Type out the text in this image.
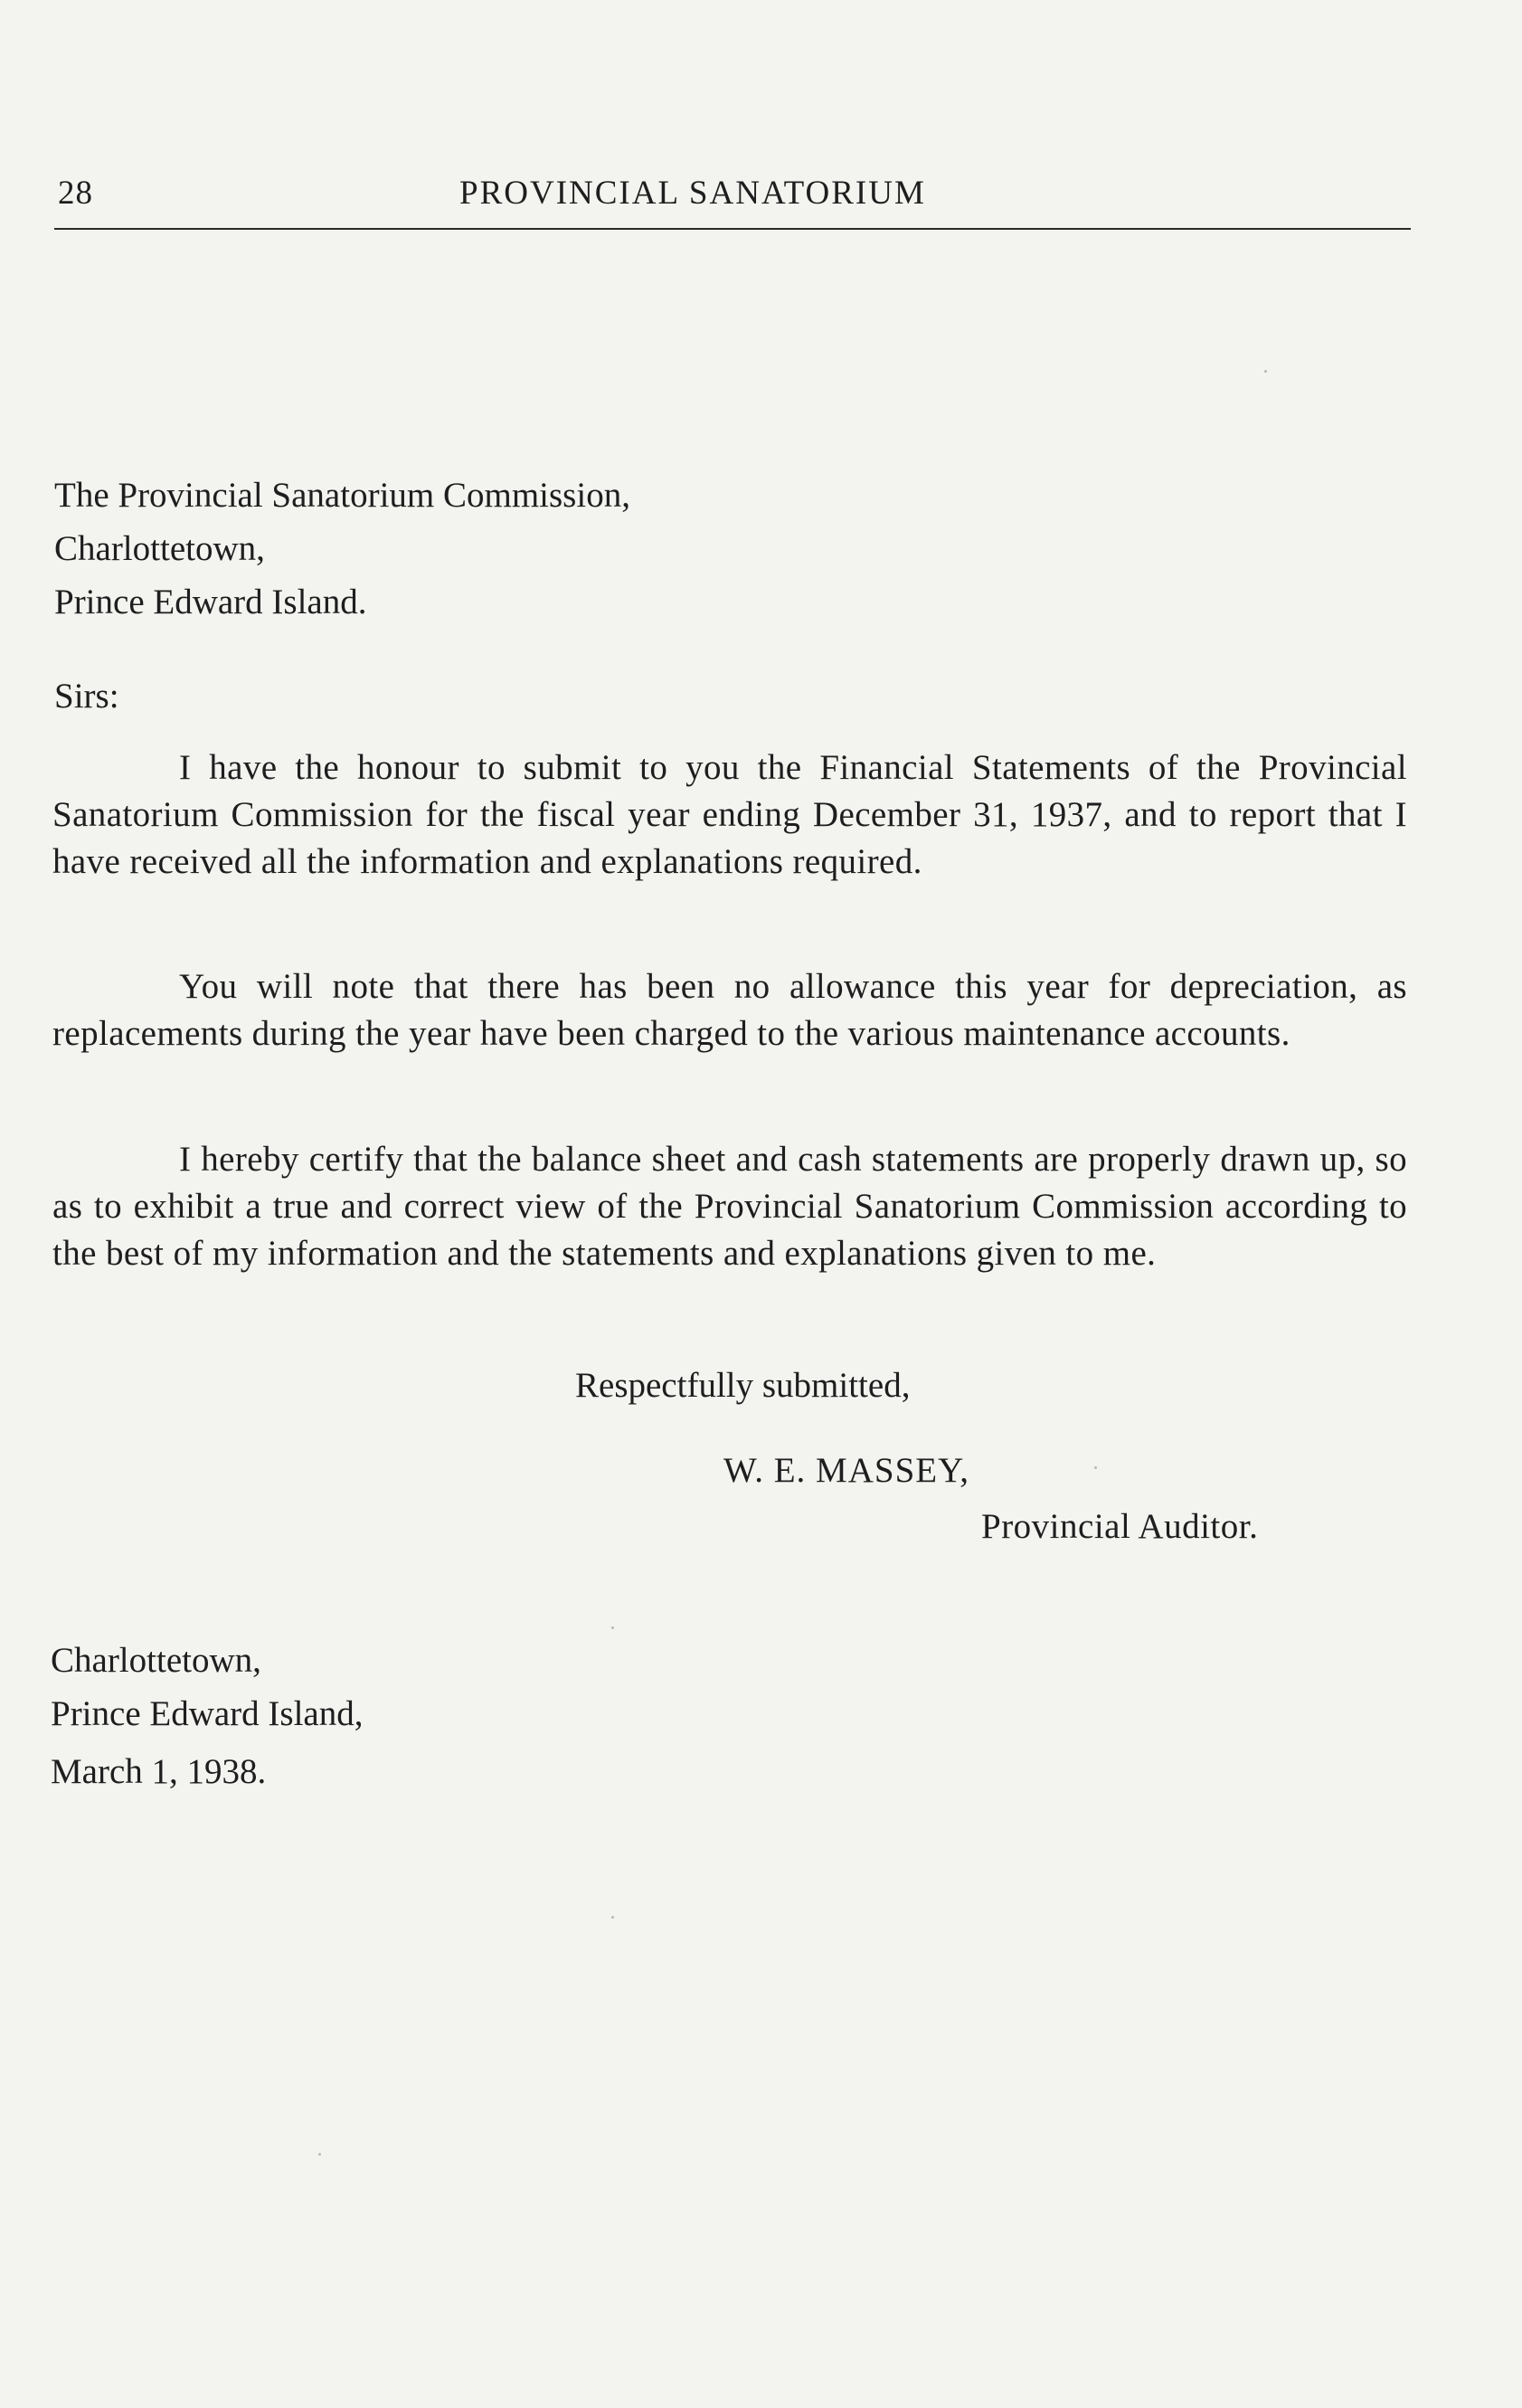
28	PROVINCIAL SANATORIUM
The Provincial Sanatorium Commission,
Charlottetown,
Prince Edward Island.
Sirs:

I have the honour to submit to you the Financial Statements of the Provincial Sanatorium Commission for the fiscal year ending December 31, 1937, and to report that I have received all the information and explanations required.

You will note that there has been no allowance this year for depreciation, as replacements during the year have been charged to the various maintenance accounts.

I hereby certify that the balance sheet and cash statements are properly drawn up, so as to exhibit a true and correct view of the Provincial Sanatorium Commission according to the best of my information and the statements and explanations given to me.

Respectfully submitted,
W. E. MASSEY,
Provincial Auditor.
Charlottetown,
Prince Edward Island,
March 1, 1938.
